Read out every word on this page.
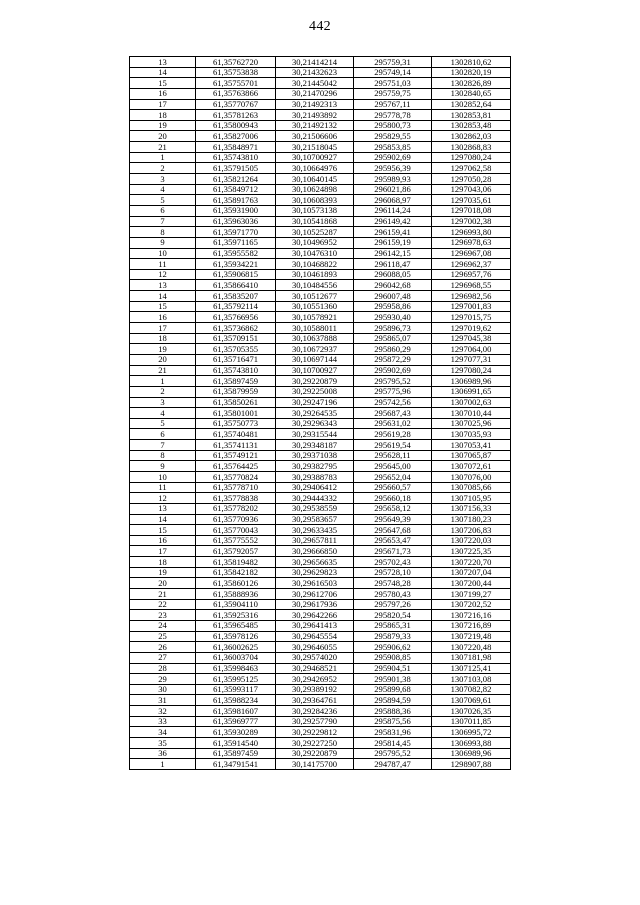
442
13	61,35762720	30,21414214	295759,31	1302810,62
14	61,35753838	30,21432623	295749,14	1302820,19
15	61,35755701	30,21445042	295751,03	1302826,89
16	61,35763866	30,21470296	295759,75	1302840,65
17	61,35770767	30,21492313	295767,11	1302852,64
18	61,35781263	30,21493892	295778,78	1302853,81
19	61,35800943	30,21492132	295800,73	1302853,48
20	61,35827006	30,21506606	295829,55	1302862,03
21	61,35848971	30,21518045	295853,85	1302868,83
1	61,35743810	30,10700927	295902,69	1297080,24
2	61,35791505	30,10664976	295956,39	1297062,58
3	61,35821264	30,10640145	295989,93	1297050,28
4	61,35849712	30,10624898	296021,86	1297043,06
5	61,35891763	30,10608393	296068,97	1297035,61
6	61,35931900	30,10573138	296114,24	1297018,08
7	61,35963036	30,10541868	296149,42	1297002,38
8	61,35971770	30,10525287	296159,41	1296993,80
9	61,35971165	30,10496952	296159,19	1296978,63
10	61,35955582	30,10476310	296142,15	1296967,08
11	61,35934221	30,10468822	296118,47	1296962,37
12	61,35906815	30,10461893	296088,05	1296957,76
13	61,35866410	30,10484556	296042,68	1296968,55
14	61,35835207	30,10512677	296007,48	1296982,56
15	61,35792114	30,10551360	295958,86	1297001,83
16	61,35766956	30,10578921	295930,40	1297015,75
17	61,35736862	30,10588011	295896,73	1297019,62
18	61,35709151	30,10637888	295865,07	1297045,38
19	61,35705355	30,10672937	295860,29	1297064,00
20	61,35716471	30,10697144	295872,29	1297077,31
21	61,35743810	30,10700927	295902,69	1297080,24
1	61,35897459	30,29220879	295795,52	1306989,96
2	61,35879959	30,29225008	295775,96	1306991,65
3	61,35850261	30,29247196	295742,56	1307002,63
4	61,35801001	30,29264535	295687,43	1307010,44
5	61,35750773	30,29296343	295631,02	1307025,96
6	61,35740481	30,29315544	295619,28	1307035,93
7	61,35741131	30,29348187	295619,54	1307053,41
8	61,35749121	30,29371038	295628,11	1307065,87
9	61,35764425	30,29382795	295645,00	1307072,61
10	61,35770824	30,29388783	295652,04	1307076,00
11	61,35778710	30,29406412	295660,57	1307085,66
12	61,35778838	30,29444332	295660,18	1307105,95
13	61,35778202	30,29538559	295658,12	1307156,33
14	61,35770936	30,29583657	295649,39	1307180,23
15	61,35770043	30,29633435	295647,68	1307206,83
16	61,35775552	30,29657811	295653,47	1307220,03
17	61,35792057	30,29666850	295671,73	1307225,35
18	61,35819482	30,29656635	295702,43	1307220,70
19	61,35842182	30,29629823	295728,10	1307207,04
20	61,35860126	30,29616503	295748,28	1307200,44
21	61,35888936	30,29612706	295780,43	1307199,27
22	61,35904110	30,29617936	295797,26	1307202,52
23	61,35925316	30,29642266	295820,54	1307216,16
24	61,35965485	30,29641413	295865,31	1307216,89
25	61,35978126	30,29645554	295879,33	1307219,48
26	61,36002625	30,29646055	295906,62	1307220,48
27	61,36003704	30,29574020	295908,85	1307181,98
28	61,35998463	30,29468521	295904,51	1307125,41
29	61,35995125	30,29426952	295901,38	1307103,08
30	61,35993117	30,29389192	295899,68	1307082,82
31	61,35988234	30,29364761	295894,59	1307069,61
32	61,35981607	30,29284236	295888,36	1307026,35
33	61,35969777	30,29257790	295875,56	1307011,85
34	61,35930289	30,29229812	295831,96	1306995,72
35	61,35914540	30,29227250	295814,45	1306993,88
36	61,35897459	30,29220879	295795,52	1306989,96
1	61,34791541	30,14175700	294787,47	1298907,88
